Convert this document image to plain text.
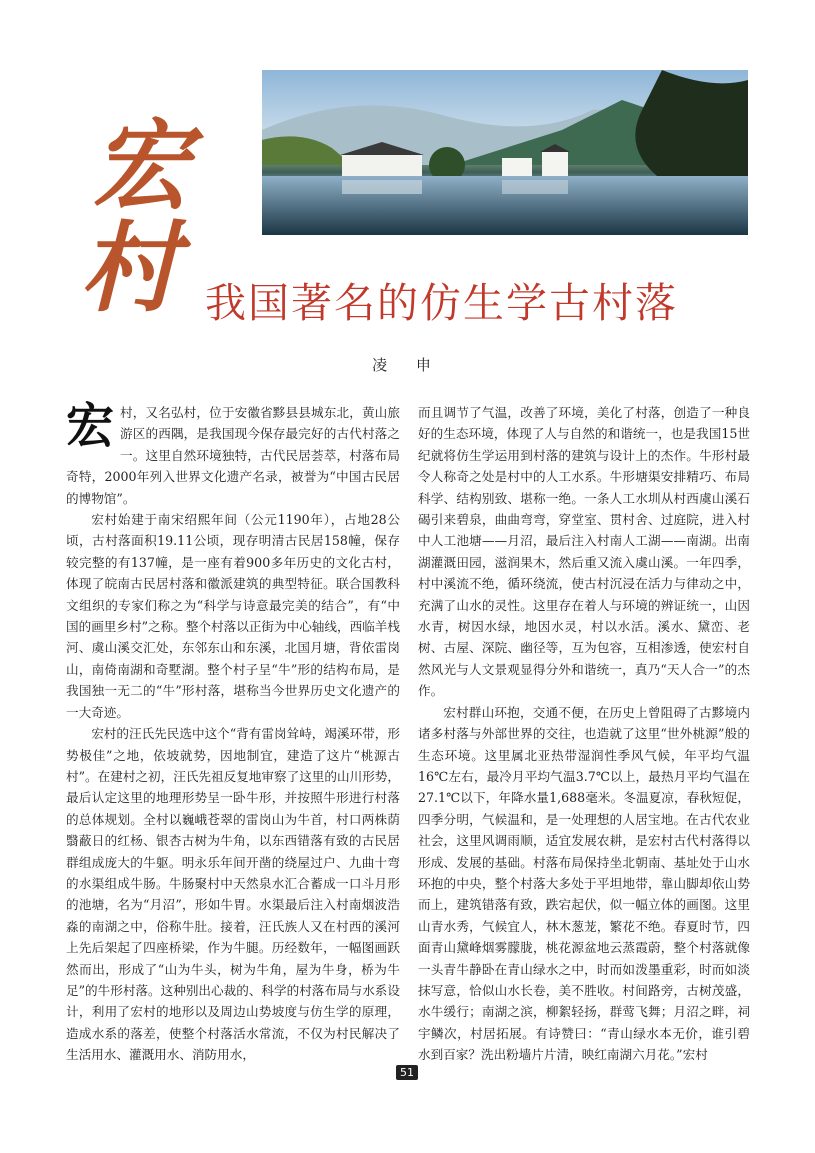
宏
村 我国著名的仿生学古村落
凌 申

宏村，又名弘村，位于安徽省黟县县城东北，黄山旅游区的西隅，是我国现今保存最完好的古代村落之一。这里自然环境独特，古代民居荟萃，村落布局奇特，2000年列入世界文化遗产名录，被誉为“中国古民居的博物馆”。

宏村始建于南宋绍熙年间（公元1190年），占地28公顷，古村落面积19.11公顷，现存明清古民居158幢，保存较完整的有137幢，是一座有着900多年历史的文化古村，体现了皖南古民居村落和徽派建筑的典型特征。联合国教科文组织的专家们称之为“科学与诗意最完美的结合”，有“中国的画里乡村”之称。整个村落以正街为中心轴线，西临羊栈河、虞山溪交汇处，东邻东山和东溪，北国月塘，背依雷岗山，南倚南湖和奇墅湖。整个村子呈“牛”形的结构布局，是我国独一无二的“牛”形村落，堪称当今世界历史文化遗产的一大奇迹。

宏村的汪氏先民选中这个“背有雷岗耸峙，竭溪环带，形势极佳”之地，依坡就势，因地制宜，建造了这片“桃源古村”。在建村之初，汪氏先祖反复地审察了这里的山川形势，最后认定这里的地理形势呈一卧牛形，并按照牛形进行村落的总体规划。全村以巍峨苍翠的雷岗山为牛首，村口两株荫翳蔽日的红杨、银杏古树为牛角，以东西错落有致的古民居群组成庞大的牛躯。明永乐年间开凿的绕屋过户、九曲十弯的水渠组成牛肠。牛肠聚村中天然泉水汇合蓄成一口斗月形的池塘，名为“月沼”，形如牛胃。水渠最后注入村南烟波浩淼的南湖之中，俗称牛肚。接着，汪氏族人又在村西的溪河上先后架起了四座桥梁，作为牛腿。历经数年，一幅图画跃然而出，形成了“山为牛头，树为牛角，屋为牛身，桥为牛足”的牛形村落。这种别出心裁的、科学的村落布局与水系设计，利用了宏村的地形以及周边山势坡度与仿生学的原理，造成水系的落差，使整个村落活水常流，不仅为村民解决了生活用水、灌溉用水、消防用水，

而且调节了气温，改善了环境，美化了村落，创造了一种良好的生态环境，体现了人与自然的和谐统一，也是我国15世纪就将仿生学运用到村落的建筑与设计上的杰作。牛形村最令人称奇之处是村中的人工水系。牛形塘渠安排精巧、布局科学、结构别致、堪称一绝。一条人工水圳从村西虞山溪石碣引来碧泉，曲曲弯弯，穿堂室、贯村舍、过庭院，进入村中人工池塘——月沼，最后注入村南人工湖——南湖。出南湖灌溉田园，滋润果木，然后重又流入虞山溪。一年四季，村中溪流不绝，循环绕流，使古村沉浸在活力与律动之中，充满了山水的灵性。这里存在着人与环境的辨证统一，山因水青，树因水绿，地因水灵，村以水活。溪水、黛峦、老树、古屋、深院、幽径等，互为包容，互相渗透，使宏村自然风光与人文景观显得分外和谐统一，真乃“天人合一”的杰作。

宏村群山环抱，交通不便，在历史上曾阻碍了古黟境内诸多村落与外部世界的交往，也造就了这里“世外桃源”般的生态环境。这里属北亚热带湿润性季风气候，年平均气温16℃左右，最冷月平均气温3.7℃以上，最热月平均气温在27.1℃以下，年降水量1,688毫米。冬温夏凉，春秋短促，四季分明，气候温和，是一处理想的人居宝地。在古代农业社会，这里风调雨顺，适宜发展农耕，是宏村古代村落得以形成、发展的基础。村落布局保持坐北朝南、基址处于山水环抱的中央，整个村落大多处于平坦地带，靠山脚却依山势而上，建筑错落有致，跌宕起伏，似一幅立体的画图。这里山青水秀，气候宜人，林木葱茏，繁花不绝。春夏时节，四面青山黛峰烟雾朦胧，桃花源盆地云蒸霞蔚，整个村落就像一头青牛静卧在青山绿水之中，时而如泼墨重彩，时而如淡抹写意，恰似山水长卷，美不胜收。村间路旁，古树茂盛，水牛缓行；南湖之滨，柳絮轻扬，群莺飞舞；月沼之畔，祠宇鳞次，村居拓展。有诗赞曰：“青山绿水本无价，谁引碧水到百家？洗出粉墙片片清，映红南湖六月花。”宏村

51
